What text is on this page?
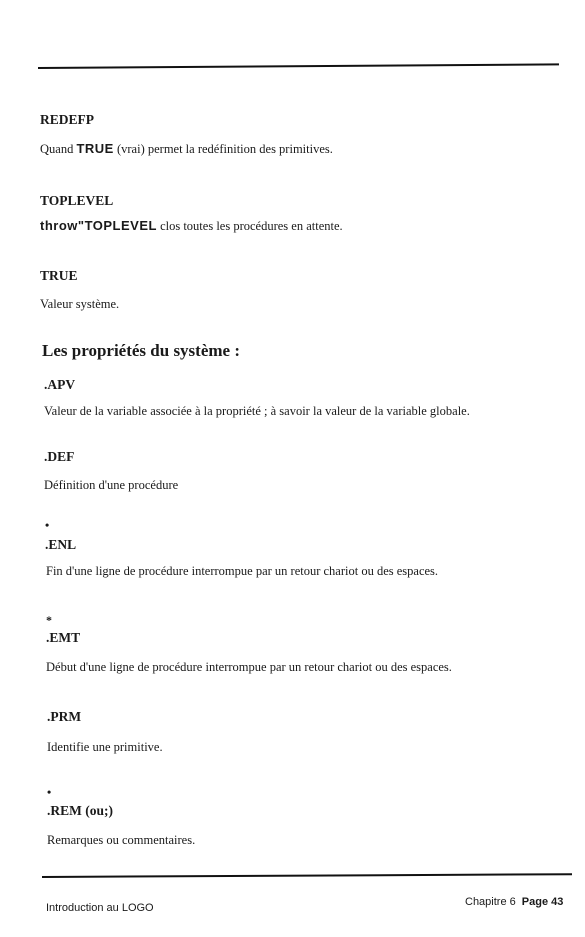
REDEFP
Quand TRUE (vrai) permet la redéfinition des primitives.
TOPLEVEL
throw"TOPLEVEL clos toutes les procédures en attente.
TRUE
Valeur système.
Les propriétés du système :
.APV
Valeur de la variable associée à la propriété ; à savoir la valeur de la variable globale.
.DEF
Définition d'une procédure
•
.ENL
Fin d'une ligne de procédure interrompue par un retour chariot ou des espaces.
*
.EMT
Début d'une ligne de procédure interrompue par un retour chariot ou des espaces.
.PRM
Identifie une primitive.
•
.REM (ou;)
Remarques ou commentaires.
Introduction au LOGO	Chapitre 6 Page 43
